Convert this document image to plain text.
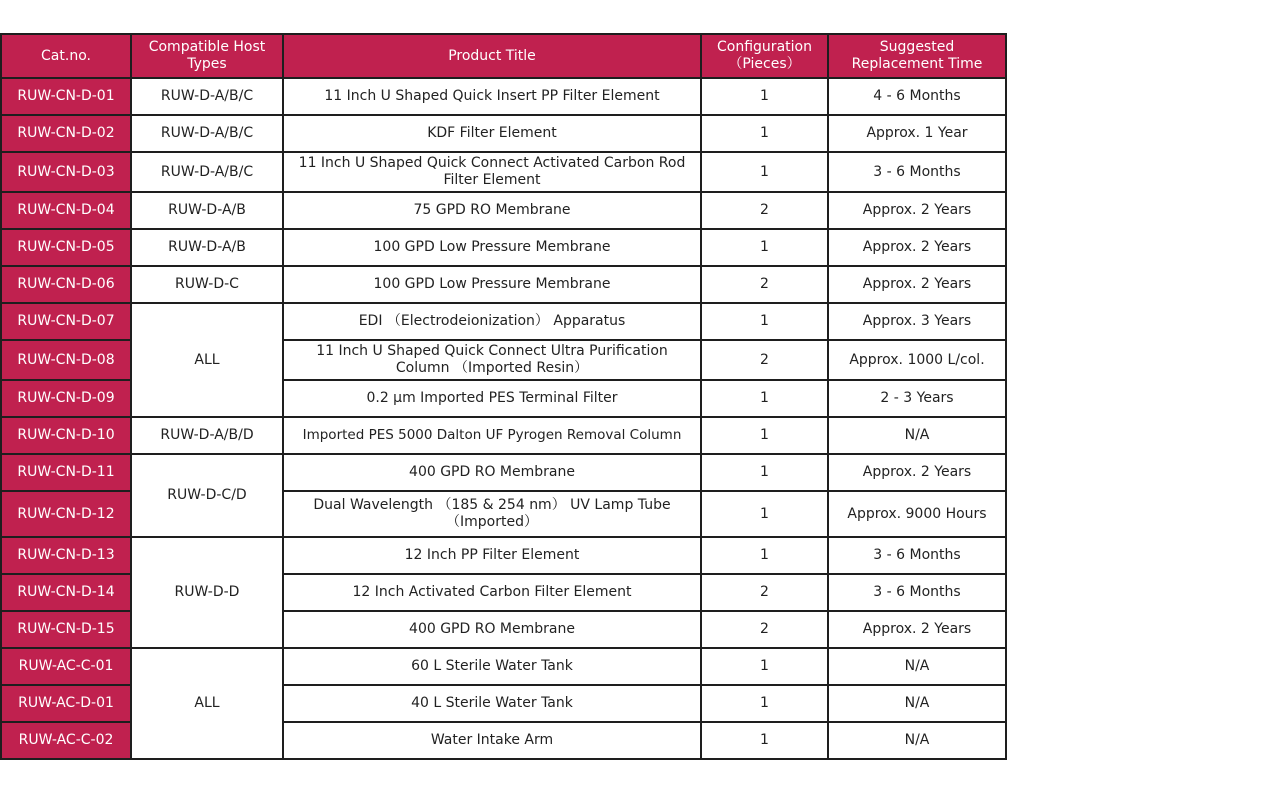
Cat.no.	Compatible Host Types	Product Title	Configuration （Pieces）	Suggested Replacement Time
RUW-CN-D-01	RUW-D-A/B/C	11 Inch U Shaped Quick Insert PP Filter Element	1	4 - 6 Months
RUW-CN-D-02	RUW-D-A/B/C	KDF Filter Element	1	Approx. 1 Year
RUW-CN-D-03	RUW-D-A/B/C	11 Inch U Shaped Quick Connect Activated Carbon Rod Filter Element	1	3 - 6 Months
RUW-CN-D-04	RUW-D-A/B	75 GPD RO Membrane	2	Approx. 2 Years
RUW-CN-D-05	RUW-D-A/B	100 GPD Low Pressure Membrane	1	Approx. 2 Years
RUW-CN-D-06	RUW-D-C	100 GPD Low Pressure Membrane	2	Approx. 2 Years
RUW-CN-D-07	ALL	EDI （Electrodeionization） Apparatus	1	Approx. 3 Years
RUW-CN-D-08		11 Inch U Shaped Quick Connect Ultra Purification Column （Imported Resin）	2	Approx. 1000 L/col.
RUW-CN-D-09		0.2 μm Imported PES Terminal Filter	1	2 - 3 Years
RUW-CN-D-10	RUW-D-A/B/D	Imported PES 5000 Dalton UF Pyrogen Removal Column	1	N/A
RUW-CN-D-11	RUW-D-C/D	400 GPD RO Membrane	1	Approx. 2 Years
RUW-CN-D-12		Dual Wavelength （185 & 254 nm） UV Lamp Tube （Imported）	1	Approx. 9000 Hours
RUW-CN-D-13	RUW-D-D	12 Inch PP Filter Element	1	3 - 6 Months
RUW-CN-D-14		12 Inch Activated Carbon Filter Element	2	3 - 6 Months
RUW-CN-D-15		400 GPD RO Membrane	2	Approx. 2 Years
RUW-AC-C-01	ALL	60 L Sterile Water Tank	1	N/A
RUW-AC-D-01		40 L Sterile Water Tank	1	N/A
RUW-AC-C-02		Water Intake Arm	1	N/A
